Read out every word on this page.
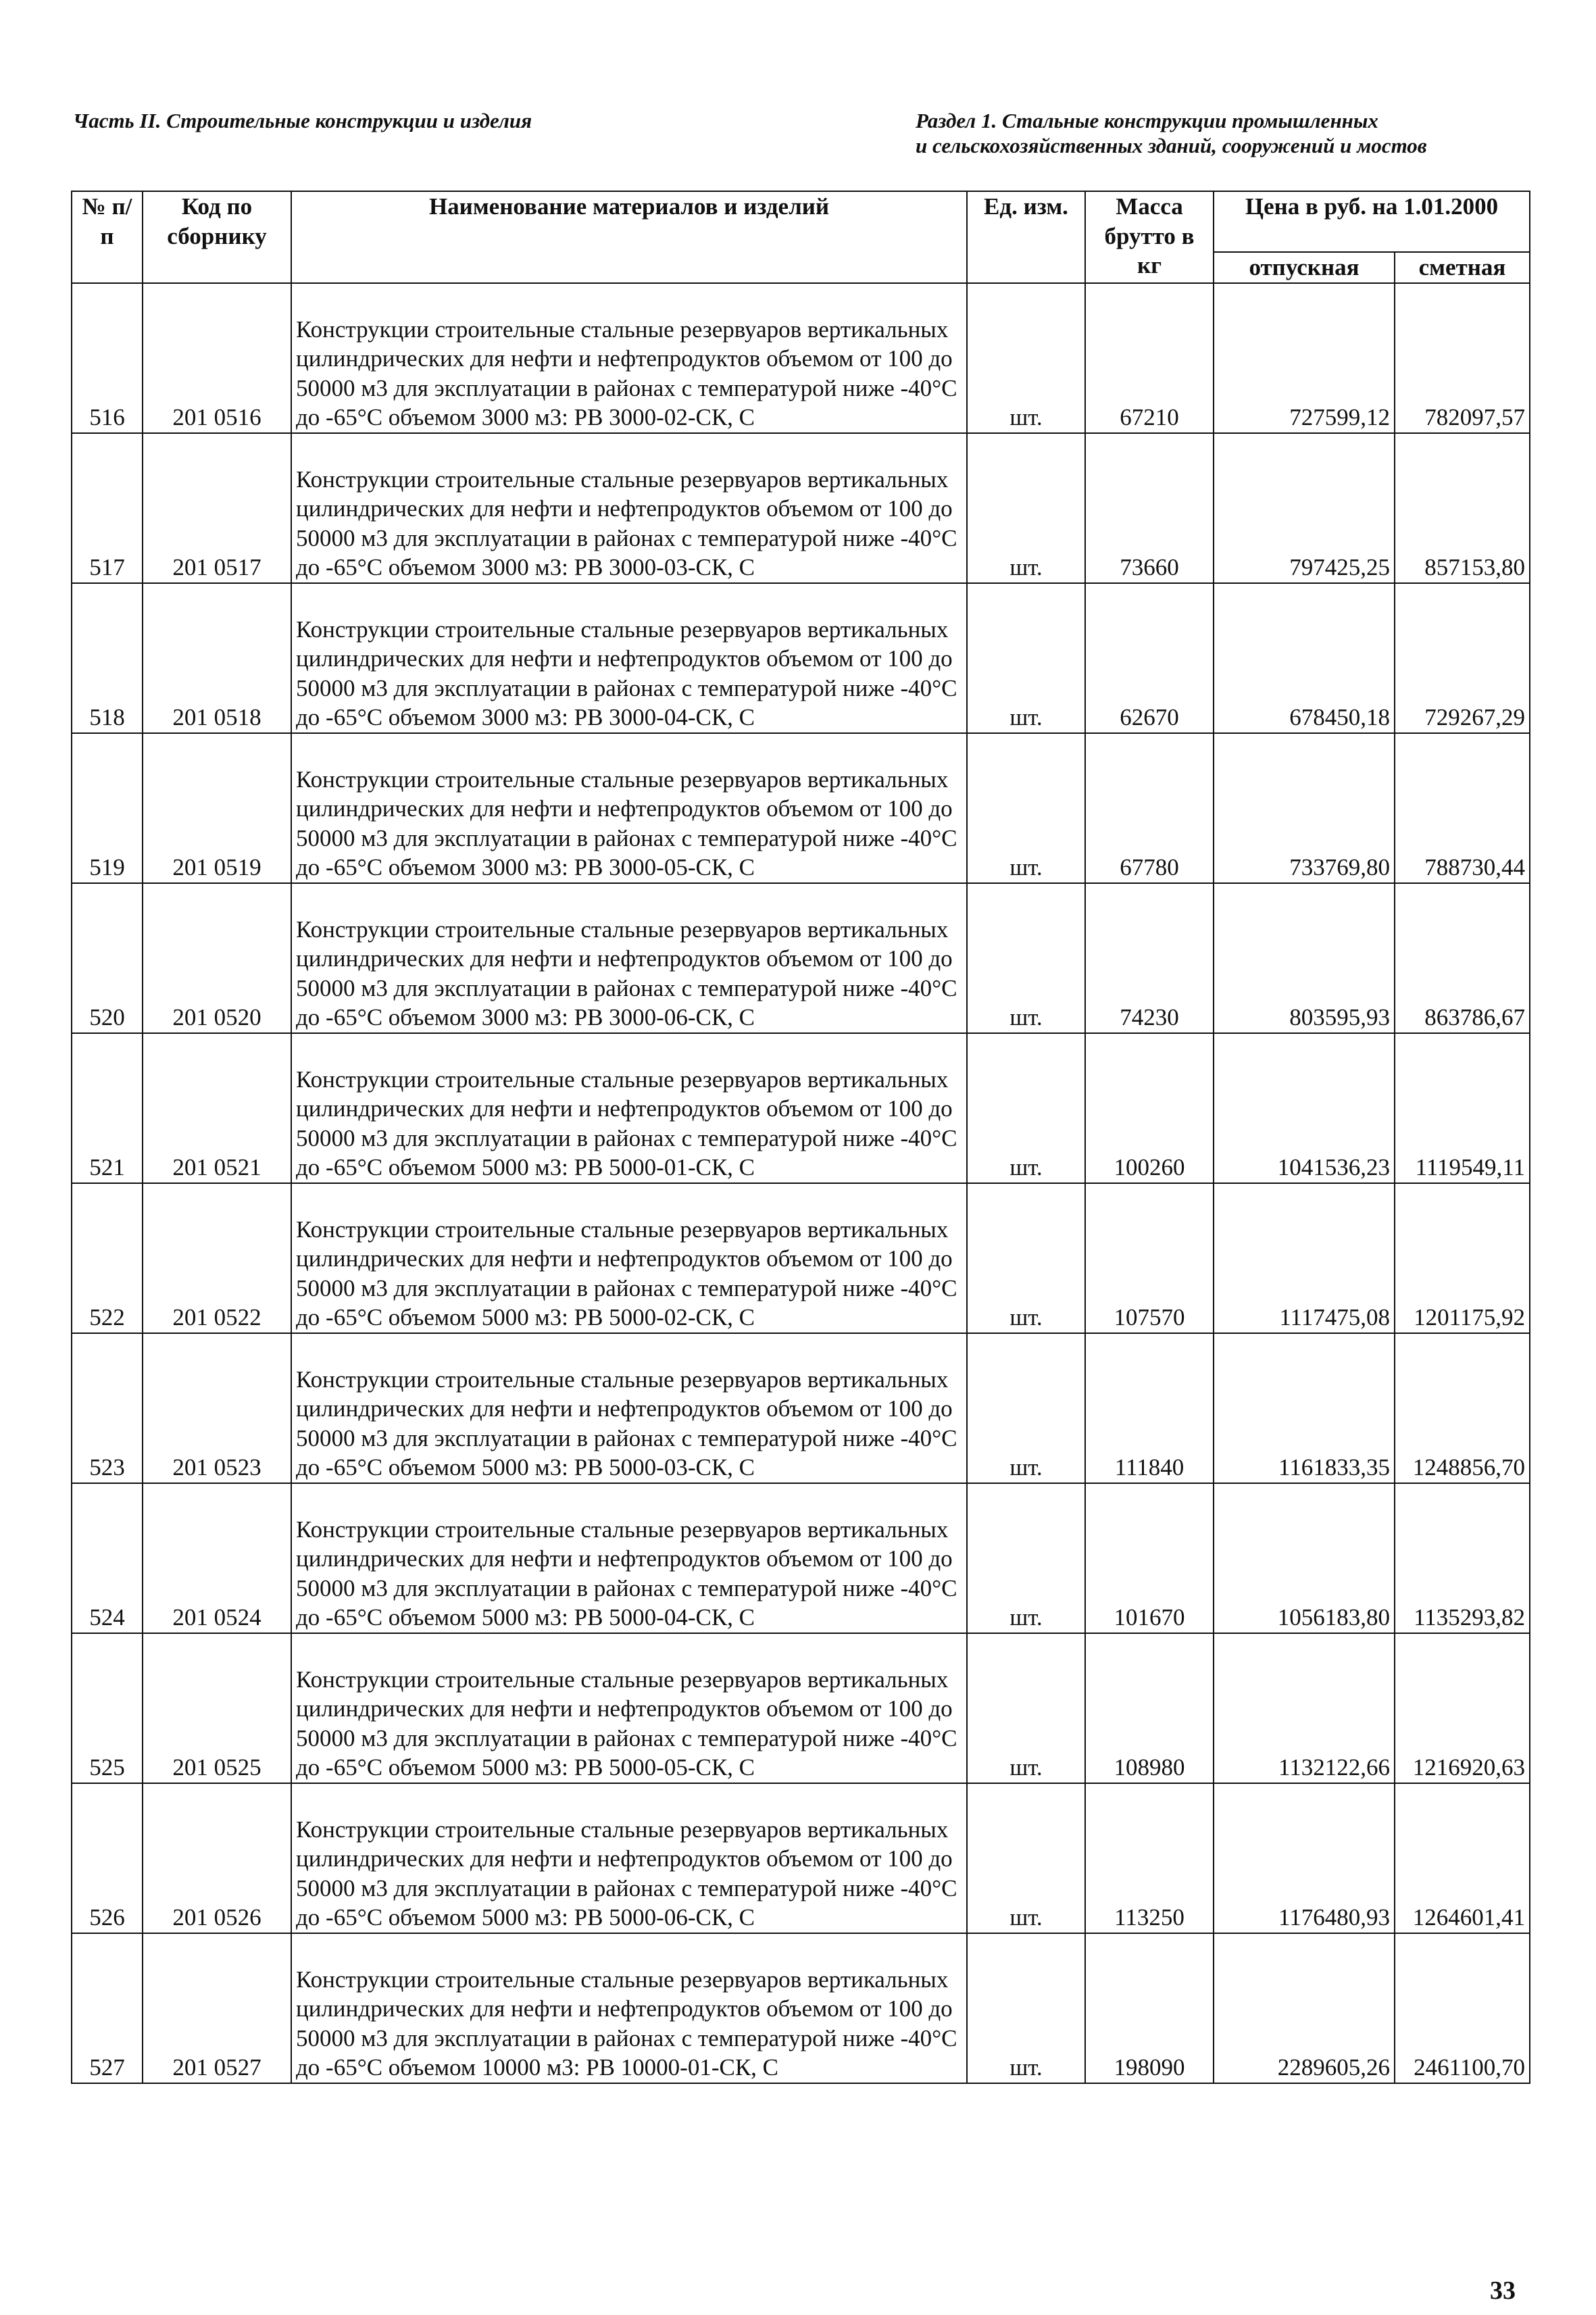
Часть II. Строительные конструкции и изделия	Раздел 1. Стальные конструкции промышленных
и сельскохозяйственных зданий, сооружений и мостов
№ п/п	Код по сборнику	Наименование материалов и изделий	Ед. изм.	Масса брутто в кг	Цена в руб. на 1.01.2000	
					отпускная	сметная
516	201 0516	Конструкции строительные стальные резервуаров вертикальных цилиндрических для нефти и нефтепродуктов объемом от 100 до 50000 м3 для эксплуатации в районах с температурой ниже -40°С до -65°С объемом 3000 м3: РВ 3000-02-СК, С	шт.	67210	727599,12	782097,57
517	201 0517	Конструкции строительные стальные резервуаров вертикальных цилиндрических для нефти и нефтепродуктов объемом от 100 до 50000 м3 для эксплуатации в районах с температурой ниже -40°С до -65°С объемом 3000 м3: РВ 3000-03-СК, С	шт.	73660	797425,25	857153,80
518	201 0518	Конструкции строительные стальные резервуаров вертикальных цилиндрических для нефти и нефтепродуктов объемом от 100 до 50000 м3 для эксплуатации в районах с температурой ниже -40°С до -65°С объемом 3000 м3: РВ 3000-04-СК, С	шт.	62670	678450,18	729267,29
519	201 0519	Конструкции строительные стальные резервуаров вертикальных цилиндрических для нефти и нефтепродуктов объемом от 100 до 50000 м3 для эксплуатации в районах с температурой ниже -40°С до -65°С объемом 3000 м3: РВ 3000-05-СК, С	шт.	67780	733769,80	788730,44
520	201 0520	Конструкции строительные стальные резервуаров вертикальных цилиндрических для нефти и нефтепродуктов объемом от 100 до 50000 м3 для эксплуатации в районах с температурой ниже -40°С до -65°С объемом 3000 м3: РВ 3000-06-СК, С	шт.	74230	803595,93	863786,67
521	201 0521	Конструкции строительные стальные резервуаров вертикальных цилиндрических для нефти и нефтепродуктов объемом от 100 до 50000 м3 для эксплуатации в районах с температурой ниже -40°С до -65°С объемом 5000 м3: РВ 5000-01-СК, С	шт.	100260	1041536,23	1119549,11
522	201 0522	Конструкции строительные стальные резервуаров вертикальных цилиндрических для нефти и нефтепродуктов объемом от 100 до 50000 м3 для эксплуатации в районах с температурой ниже -40°С до -65°С объемом 5000 м3: РВ 5000-02-СК, С	шт.	107570	1117475,08	1201175,92
523	201 0523	Конструкции строительные стальные резервуаров вертикальных цилиндрических для нефти и нефтепродуктов объемом от 100 до 50000 м3 для эксплуатации в районах с температурой ниже -40°С до -65°С объемом 5000 м3: РВ 5000-03-СК, С	шт.	111840	1161833,35	1248856,70
524	201 0524	Конструкции строительные стальные резервуаров вертикальных цилиндрических для нефти и нефтепродуктов объемом от 100 до 50000 м3 для эксплуатации в районах с температурой ниже -40°С до -65°С объемом 5000 м3: РВ 5000-04-СК, С	шт.	101670	1056183,80	1135293,82
525	201 0525	Конструкции строительные стальные резервуаров вертикальных цилиндрических для нефти и нефтепродуктов объемом от 100 до 50000 м3 для эксплуатации в районах с температурой ниже -40°С до -65°С объемом 5000 м3: РВ 5000-05-СК, С	шт.	108980	1132122,66	1216920,63
526	201 0526	Конструкции строительные стальные резервуаров вертикальных цилиндрических для нефти и нефтепродуктов объемом от 100 до 50000 м3 для эксплуатации в районах с температурой ниже -40°С до -65°С объемом 5000 м3: РВ 5000-06-СК, С	шт.	113250	1176480,93	1264601,41
527	201 0527	Конструкции строительные стальные резервуаров вертикальных цилиндрических для нефти и нефтепродуктов объемом от 100 до 50000 м3 для эксплуатации в районах с температурой ниже -40°С до -65°С объемом 10000 м3: РВ 10000-01-СК, С	шт.	198090	2289605,26	2461100,70
33
